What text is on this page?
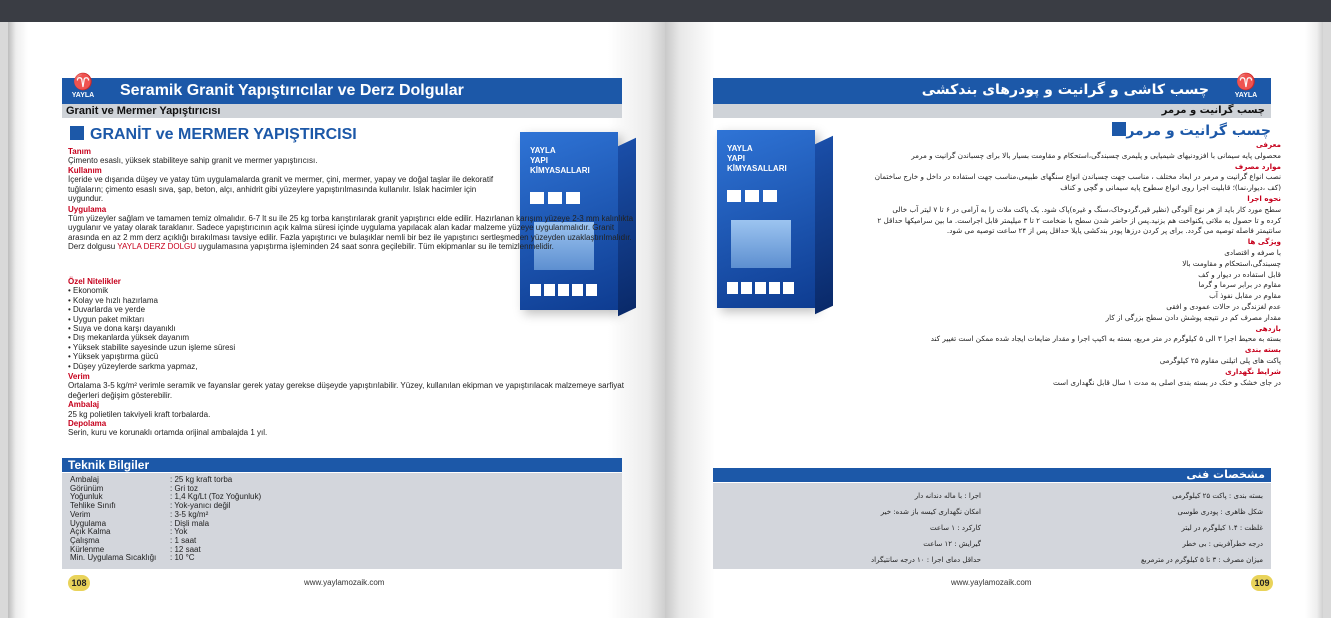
♈
YAYLA	Seramik Granit Yapıştırıcılar ve Derz Dolgular
Granit ve Mermer Yapıştırıcısı
GRANİT ve MERMER YAPIŞTIRCISI
YAYLA
YAPI
KİMYASALLARI
Tanım
Çimento esaslı, yüksek stabiliteye sahip granit ve mermer yapıştırıcısı.
Kullanım
İçeride ve dışarıda düşey ve yatay tüm uygulamalarda granit ve mermer, çini, mermer, yapay ve doğal taşlar ile dekoratif tuğlaların; çimento esaslı sıva, şap, beton, alçı, anhidrit gibi yüzeylere yapıştırılmasında kullanılır. Islak hacimler için uygundur.
Uygulama
Tüm yüzeyler sağlam ve tamamen temiz olmalıdır. 6-7 lt su ile 25 kg torba karıştırılarak granit yapıştırıcı elde edilir. Hazırlanan karışım yüzeye 2-3 mm kalınlıkta uygulanır ve yatay olarak taraklanır. Sadece yapıştırıcının açık kalma süresi içinde uygulama yapılacak alan kadar malzeme yüzeye uygulanmalıdır. Granit arasında en az 2 mm derz açıklığı bırakılması tavsiye edilir. Fazla yapıştırıcı ve bulaşıklar nemli bir bez ile yapıştırıcı sertleşmeden yüzeyden uzaklaştırılmalıdır. Derz dolgusu YAYLA DERZ DOLGU uygulamasına yapıştırma işleminden 24 saat sonra geçilebilir. Tüm ekipmanlar su ile temizlenmelidir.
Özel Nitelikler
• Ekonomik
• Kolay ve hızlı hazırlama
• Duvarlarda ve yerde
• Uygun paket miktarı
• Suya ve dona karşı dayanıklı
• Dış mekanlarda yüksek dayanım
• Yüksek stabilite sayesinde uzun işleme süresi
• Yüksek yapıştırma gücü
• Düşey yüzeylerde sarkma yapmaz,
Verim
Ortalama 3-5 kg/m² verimle seramik ve fayanslar gerek yatay gerekse düşeyde yapıştırılabilir. Yüzey, kullanılan ekipman ve yapıştırılacak malzemeye sarfiyat değerleri değişim gösterebilir.
Ambalaj
25 kg polietilen takviyeli kraft torbalarda.
Depolama
Serin, kuru ve korunaklı ortamda orijinal ambalajda 1 yıl.
Teknik Bilgiler
Ambalaj	: 25 kg kraft torba
Görünüm	: Gri toz
Yoğunluk	: 1,4 Kg/Lt (Toz Yoğunluk)
Tehlike Sınıfı	: Yok-yanıcı değil
Verim	: 3-5 kg/m²
Uygulama	: Dişli mala
Açık Kalma	: Yok
Çalışma	: 1 saat
Kürlenme	: 12 saat
Min. Uygulama Sıcaklığı	: 10 °C
108	www.yaylamozaik.com
چسب کاشی و گرانیت و پودرهای بندکشی	♈
YAYLA
چسب گرانیت و مرمر
چسب گرانیت و مرمر
YAYLA
YAPI
KİMYASALLARI
معرفی
محصولی پایه سیمانی با افزودنیهای شیمیایی و پلیمری چسبندگی،استحکام و مقاومت بسیار بالا برای چسباندن گرانیت و مرمر
موارد مصرف
نصب انواع گرانیت و مرمر در ابعاد مختلف ، مناسب جهت چسباندن انواع سنگهای طبیعی،مناسب جهت استفاده در داخل و خارج ساختمان
(کف ،دیوار،نما)؛ قابلیت اجرا روی انواع سطوح پایه سیمانی و گچی و کناف
نحوه اجرا
سطح مورد کار باید از هر نوع آلودگی (نظیر قیر،گردوخاک،سنگ و غیره)پاک شود. یک پاکت ملات را به آرامی در ۶ تا ۷ لیتر آب خالی
کرده و تا حصول به ملاتی یکنواخت هم بزنید.پس از حاضر شدن سطح با ضخامت ۲ تا ۳ میلیمتر قابل اجراست. ما بین سرامیکها حداقل ۲
سانتیمتر فاصله توصیه می گردد. برای پر کردن درزها پودر بندکشی یایلا حداقل پس از ۲۴ ساعت توصیه می شود.
ویژگی ها
با صرفه و اقتصادی
چسبندگی،استحکام و مقاومت بالا
قابل استفاده در دیوار و کف
مقاوم در برابر سرما و گرما
مقاوم در مقابل نفوذ آب
عدم لغزندگی در حالات عمودی و افقی
مقدار مصرف کم در نتیجه پوشش دادن سطح بزرگی از کار
بازدهی
بسته به محیط اجرا ۳ الی ۵ کیلوگرم در متر مربع، بسته به اکیپ اجرا و مقدار ضایعات ایجاد شده ممکن است تغییر کند
بسته بندی
پاکت های پلی اتیلنی مقاوم ۲۵ کیلوگرمی
شرایط نگهداری
در جای خشک و خنک در بسته بندی اصلی به مدت ۱ سال قابل نگهداری است
مشخصات فنی
بسته بندی : پاکت ۲۵ کیلوگرمی
شکل ظاهری : پودری طوسی
غلظت : ۱.۴ کیلوگرم در لیتر
درجه خطرآفرینی : بی خطر
میزان مصرف : ۳ تا ۵ کیلوگرم در مترمربع
اجرا : با ماله دندانه دار
امکان نگهداری کیسه باز شده: خیر
کارکرد : ۱ ساعت
گیرایش : ۱۲ ساعت
حداقل دمای اجرا : ۱۰ درجه سانتیگراد
www.yaylamozaik.com	109
